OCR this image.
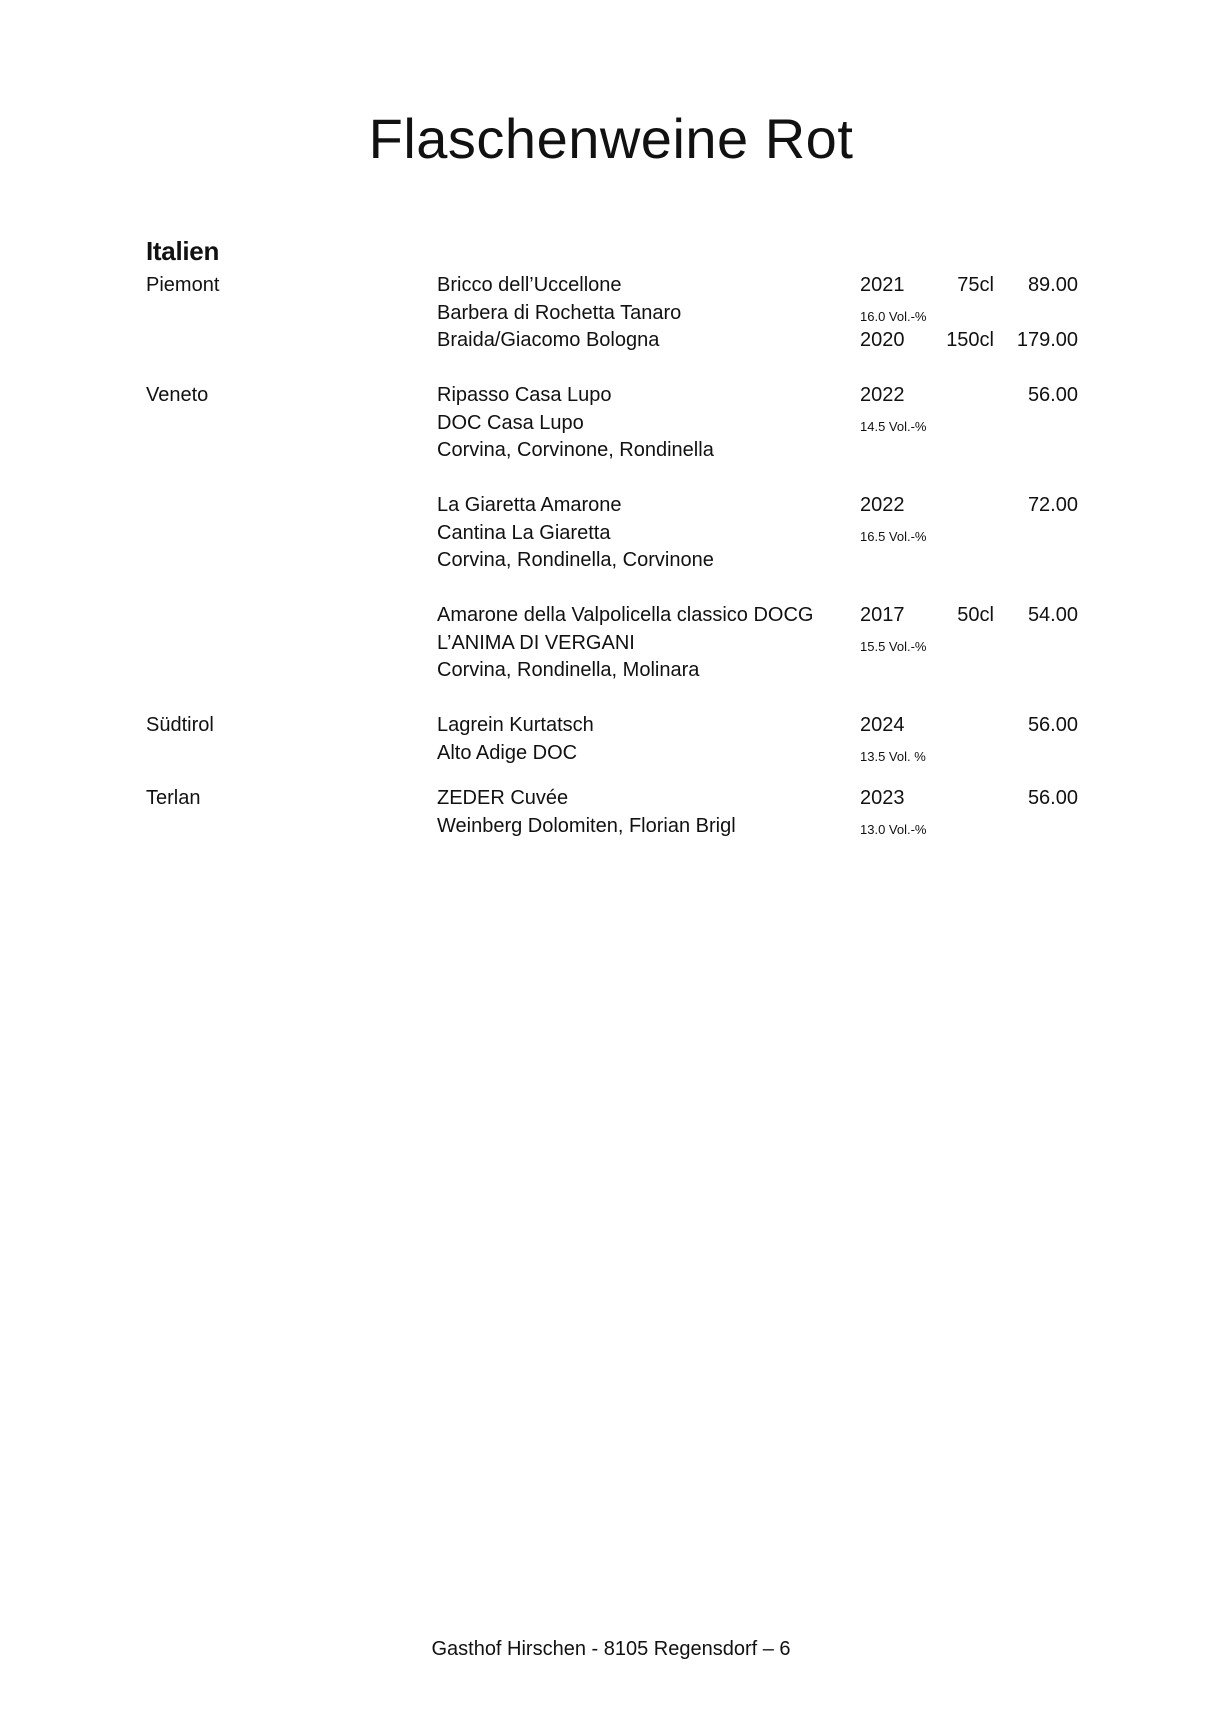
Flaschenweine Rot
Italien
Piemont	Bricco dell’Uccellone	2021	75cl 89.00
Barbera di Rochetta Tanaro	16.0 Vol.-%
Braida/Giacomo Bologna	2020 150cl 179.00
Veneto	Ripasso Casa Lupo	2022	56.00
DOC Casa Lupo	14.5 Vol.-%
Corvina, Corvinone, Rondinella
La Giaretta Amarone	2022	72.00
Cantina La Giaretta	16.5 Vol.-%
Corvina, Rondinella, Corvinone
Amarone della Valpolicella classico DOCG 2017	50cl 54.00
L’ANIMA DI VERGANI	15.5 Vol.-%
Corvina, Rondinella, Molinara
Südtirol	Lagrein Kurtatsch	2024	56.00
Alto Adige DOC	13.5 Vol. %
Terlan	ZEDER Cuvée	2023	56.00
Weinberg Dolomiten, Florian Brigl	13.0 Vol.-%
Gasthof Hirschen - 8105 Regensdorf – 6
